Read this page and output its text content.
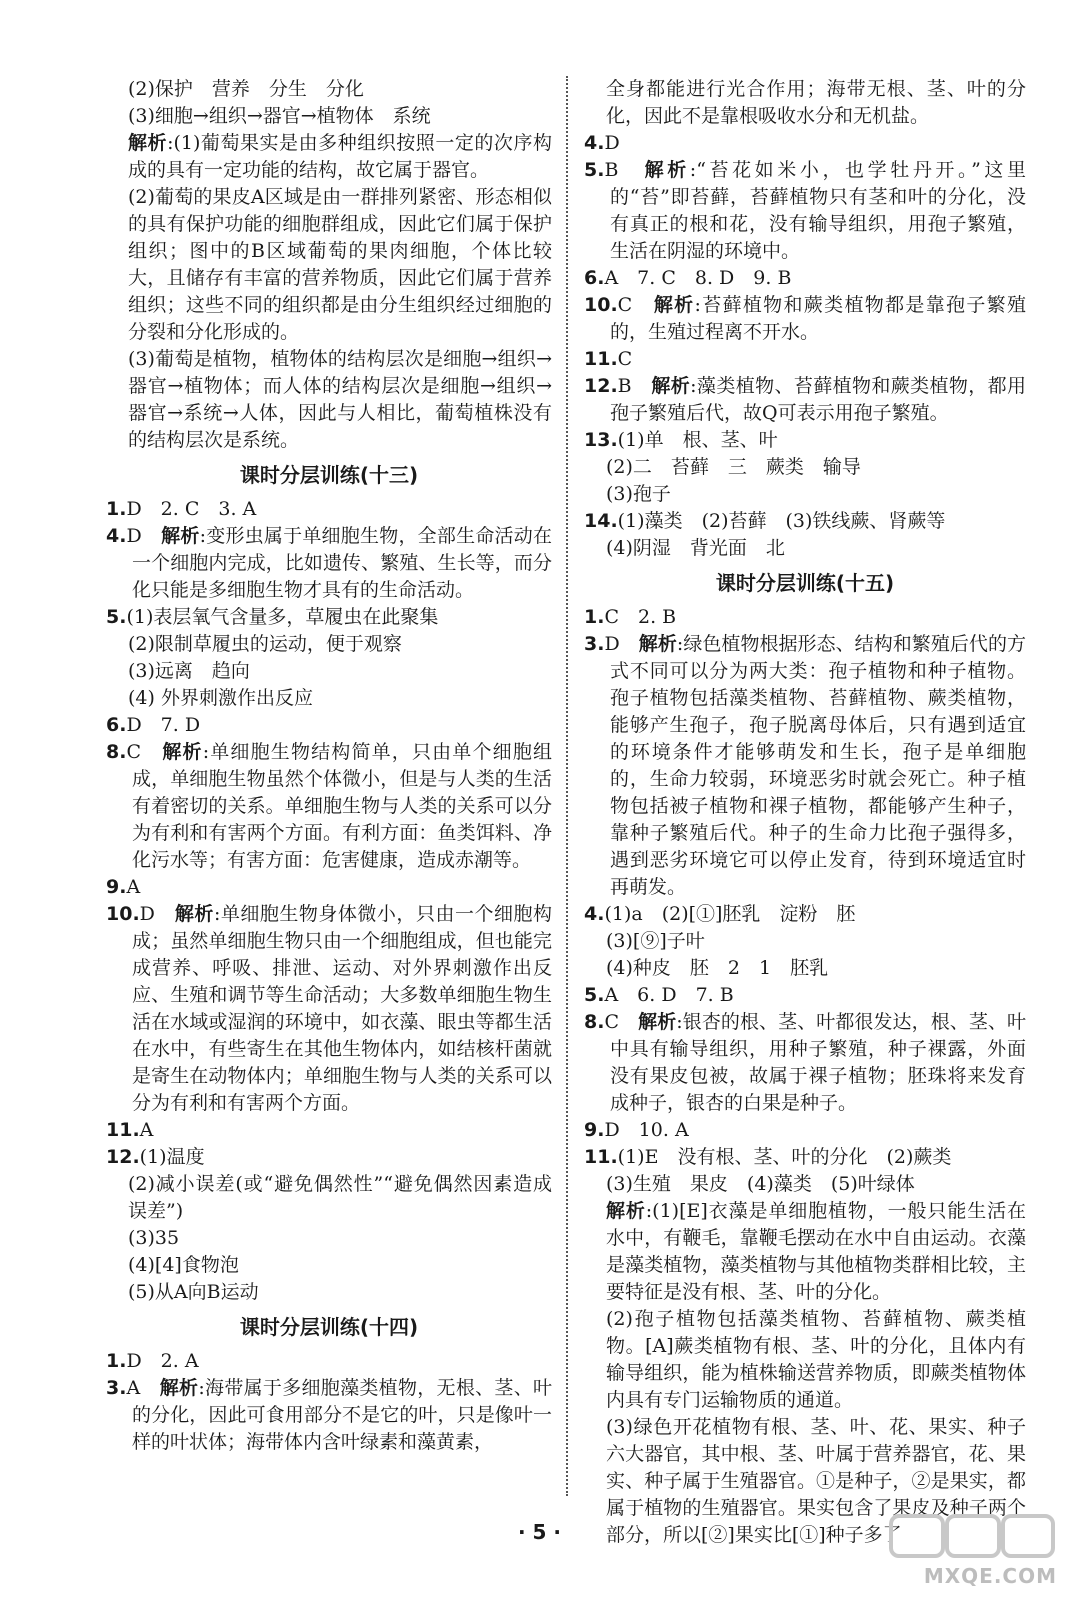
(2)保护　营养　分生　分化
(3)细胞→组织→器官→植物体　系统
解析:(1)葡萄果实是由多种组织按照一定的次序构成的具有一定功能的结构，故它属于器官。
(2)葡萄的果皮A区域是由一群排列紧密、形态相似的具有保护功能的细胞群组成，因此它们属于保护组织；图中的B区域葡萄的果肉细胞，个体比较大，且储存有丰富的营养物质，因此它们属于营养组织；这些不同的组织都是由分生组织经过细胞的分裂和分化形成的。
(3)葡萄是植物，植物体的结构层次是细胞→组织→器官→植物体；而人体的结构层次是细胞→组织→器官→系统→人体，因此与人相比，葡萄植株没有的结构层次是系统。
课时分层训练(十三)
1.D　2. C　3. A
4.D　解析:变形虫属于单细胞生物，全部生命活动在一个细胞内完成，比如遗传、繁殖、生长等，而分化只能是多细胞生物才具有的生命活动。
5.(1)表层氧气含量多，草履虫在此聚集
(2)限制草履虫的运动，便于观察
(3)远离　趋向
(4) 外界刺激作出反应
6.D　7. D
8.C　解析:单细胞生物结构简单，只由单个细胞组成，单细胞生物虽然个体微小，但是与人类的生活有着密切的关系。单细胞生物与人类的关系可以分为有利和有害两个方面。有利方面：鱼类饵料、净化污水等；有害方面：危害健康，造成赤潮等。
9.A
10.D　解析:单细胞生物身体微小，只由一个细胞构成；虽然单细胞生物只由一个细胞组成，但也能完成营养、呼吸、排泄、运动、对外界刺激作出反应、生殖和调节等生命活动；大多数单细胞生物生活在水域或湿润的环境中，如衣藻、眼虫等都生活在水中，有些寄生在其他生物体内，如结核杆菌就是寄生在动物体内；单细胞生物与人类的关系可以分为有利和有害两个方面。
11.A
12.(1)温度
(2)减小误差(或“避免偶然性”“避免偶然因素造成误差”)
(3)35
(4)[4]食物泡
(5)从A向B运动
课时分层训练(十四)
1.D　2. A
3.A　解析:海带属于多细胞藻类植物，无根、茎、叶的分化，因此可食用部分不是它的叶，只是像叶一样的叶状体；海带体内含叶绿素和藻黄素，
全身都能进行光合作用；海带无根、茎、叶的分化，因此不是靠根吸收水分和无机盐。
4.D
5.B　解析:“苔花如米小，也学牡丹开。”这里的“苔”即苔藓，苔藓植物只有茎和叶的分化，没有真正的根和花，没有输导组织，用孢子繁殖，生活在阴湿的环境中。
6.A　7. C　8. D　9. B
10.C　解析:苔藓植物和蕨类植物都是靠孢子繁殖的，生殖过程离不开水。
11.C
12.B　解析:藻类植物、苔藓植物和蕨类植物，都用孢子繁殖后代，故Q可表示用孢子繁殖。
13.(1)单　根、茎、叶
(2)二　苔藓　三　蕨类　输导
(3)孢子
14.(1)藻类　(2)苔藓　(3)铁线蕨、肾蕨等
(4)阴湿　背光面　北
课时分层训练(十五)
1.C　2. B
3.D　解析:绿色植物根据形态、结构和繁殖后代的方式不同可以分为两大类：孢子植物和种子植物。孢子植物包括藻类植物、苔藓植物、蕨类植物，能够产生孢子，孢子脱离母体后，只有遇到适宜的环境条件才能够萌发和生长，孢子是单细胞的，生命力较弱，环境恶劣时就会死亡。种子植物包括被子植物和裸子植物，都能够产生种子，靠种子繁殖后代。种子的生命力比孢子强得多，遇到恶劣环境它可以停止发育，待到环境适宜时再萌发。
4.(1)a　(2)[①]胚乳　淀粉　胚
(3)[⑨]子叶
(4)种皮　胚　2　1　胚乳
5.A　6. D　7. B
8.C　解析:银杏的根、茎、叶都很发达，根、茎、叶中具有输导组织，用种子繁殖，种子裸露，外面没有果皮包被，故属于裸子植物；胚珠将来发育成种子，银杏的白果是种子。
9.D　10. A
11.(1)E　没有根、茎、叶的分化　(2)蕨类
(3)生殖　果皮　(4)藻类　(5)叶绿体
解析:(1)[E]衣藻是单细胞植物，一般只能生活在水中，有鞭毛，靠鞭毛摆动在水中自由运动。衣藻是藻类植物，藻类植物与其他植物类群相比较，主要特征是没有根、茎、叶的分化。
(2)孢子植物包括藻类植物、苔藓植物、蕨类植物。[A]蕨类植物有根、茎、叶的分化，且体内有输导组织，能为植株输送营养物质，即蕨类植物体内具有专门运输物质的通道。
(3)绿色开花植物有根、茎、叶、花、果实、种子六大器官，其中根、茎、叶属于营养器官，花、果实、种子属于生殖器官。①是种子，②是果实，都属于植物的生殖器官。果实包含了果皮及种子两个部分，所以[②]果实比[①]种子多了
· 5 ·
MXQE.COM
